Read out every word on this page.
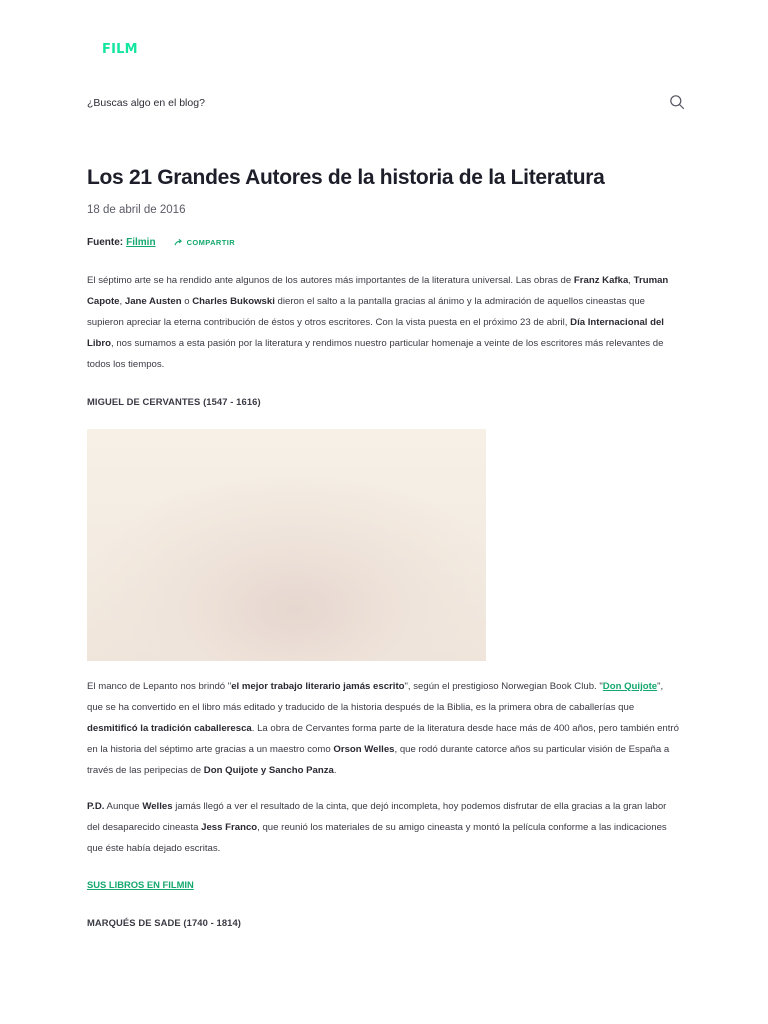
FILM
¿Buscas algo en el blog?
Los 21 Grandes Autores de la historia de la Literatura
18 de abril de 2016
Fuente: Filmin	COMPARTIR

El séptimo arte se ha rendido ante algunos de los autores más importantes de la literatura universal. Las obras de Franz Kafka, Truman Capote, Jane Austen o Charles Bukowski dieron el salto a la pantalla gracias al ánimo y la admiración de aquellos cineastas que supieron apreciar la eterna contribución de éstos y otros escritores. Con la vista puesta en el próximo 23 de abril, Día Internacional del Libro, nos sumamos a esta pasión por la literatura y rendimos nuestro particular homenaje a veinte de los escritores más relevantes de todos los tiempos.

MIGUEL DE CERVANTES (1547 - 1616)

El manco de Lepanto nos brindó "el mejor trabajo literario jamás escrito", según el prestigioso Norwegian Book Club. "Don Quijote", que se ha convertido en el libro más editado y traducido de la historia después de la Biblia, es la primera obra de caballerías que desmitificó la tradición caballeresca. La obra de Cervantes forma parte de la literatura desde hace más de 400 años, pero también entró en la historia del séptimo arte gracias a un maestro como Orson Welles, que rodó durante catorce años su particular visión de España a través de las peripecias de Don Quijote y Sancho Panza.

P.D. Aunque Welles jamás llegó a ver el resultado de la cinta, que dejó incompleta, hoy podemos disfrutar de ella gracias a la gran labor del desaparecido cineasta Jess Franco, que reunió los materiales de su amigo cineasta y montó la película conforme a las indicaciones que éste había dejado escritas.

SUS LIBROS EN FILMIN
MARQUÉS DE SADE (1740 - 1814)
